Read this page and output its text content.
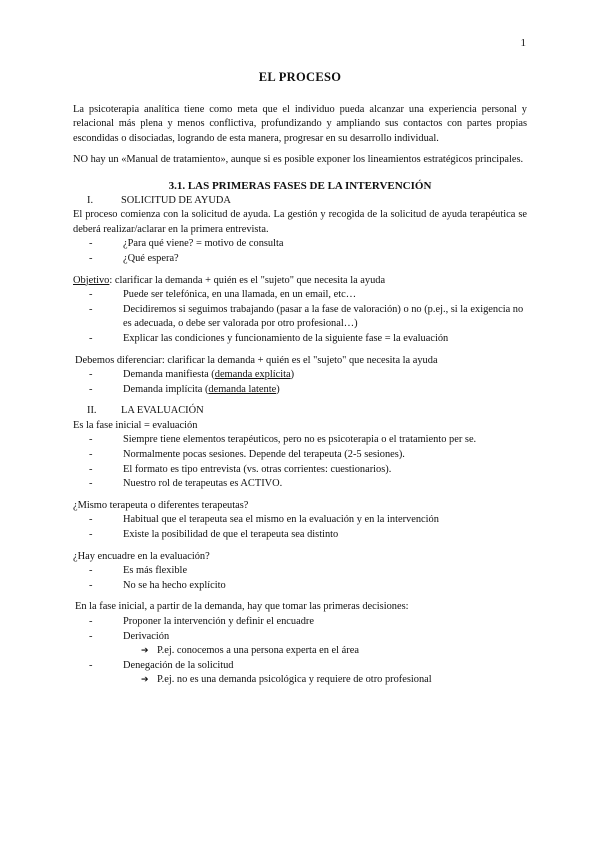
1
EL PROCESO

La psicoterapia analítica tiene como meta que el individuo pueda alcanzar una experiencia personal y relacional más plena y menos conflictiva, profundizando y ampliando sus contactos con partes propias escondidas o disociadas, logrando de esta manera, progresar en su desarrollo individual.

NO hay un «Manual de tratamiento», aunque si es posible exponer los lineamientos estratégicos principales.

3.1. LAS PRIMERAS FASES DE LA INTERVENCIÓN

I.	SOLICITUD DE AYUDA

El proceso comienza con la solicitud de ayuda. La gestión y recogida de la solicitud de ayuda terapéutica se deberá realizar/aclarar en la primera entrevista.

- ¿Para qué viene? = motivo de consulta
- ¿Qué espera?

Objetivo: clarificar la demanda + quién es el "sujeto" que necesita la ayuda

- Puede ser telefónica, en una llamada, en un email, etc…
- Decidiremos si seguimos trabajando (pasar a la fase de valoración) o no (p.ej., si la exigencia no es adecuada, o debe ser valorada por otro profesional…)
- Explicar las condiciones y funcionamiento de la siguiente fase = la evaluación

Debemos diferenciar: clarificar la demanda + quién es el "sujeto" que necesita la ayuda

- Demanda manifiesta (demanda explícita)
- Demanda implícita (demanda latente)
II.	LA EVALUACIÓN

Es la fase inicial = evaluación

- Siempre tiene elementos terapéuticos, pero no es psicoterapia o el tratamiento per se.
- Normalmente pocas sesiones. Depende del terapeuta (2-5 sesiones).
- El formato es tipo entrevista (vs. otras corrientes: cuestionarios).
- Nuestro rol de terapeutas es ACTIVO.

¿Mismo terapeuta o diferentes terapeutas?

- Habitual que el terapeuta sea el mismo en la evaluación y en la intervención
- Existe la posibilidad de que el terapeuta sea distinto

¿Hay encuadre en la evaluación?

- Es más flexible
- No se ha hecho explícito

En la fase inicial, a partir de la demanda, hay que tomar las primeras decisiones:

- Proponer la intervención y definir el encuadre
- Derivación
➔ P.ej. conocemos a una persona experta en el área
- Denegación de la solicitud
➔ P.ej. no es una demanda psicológica y requiere de otro profesional
